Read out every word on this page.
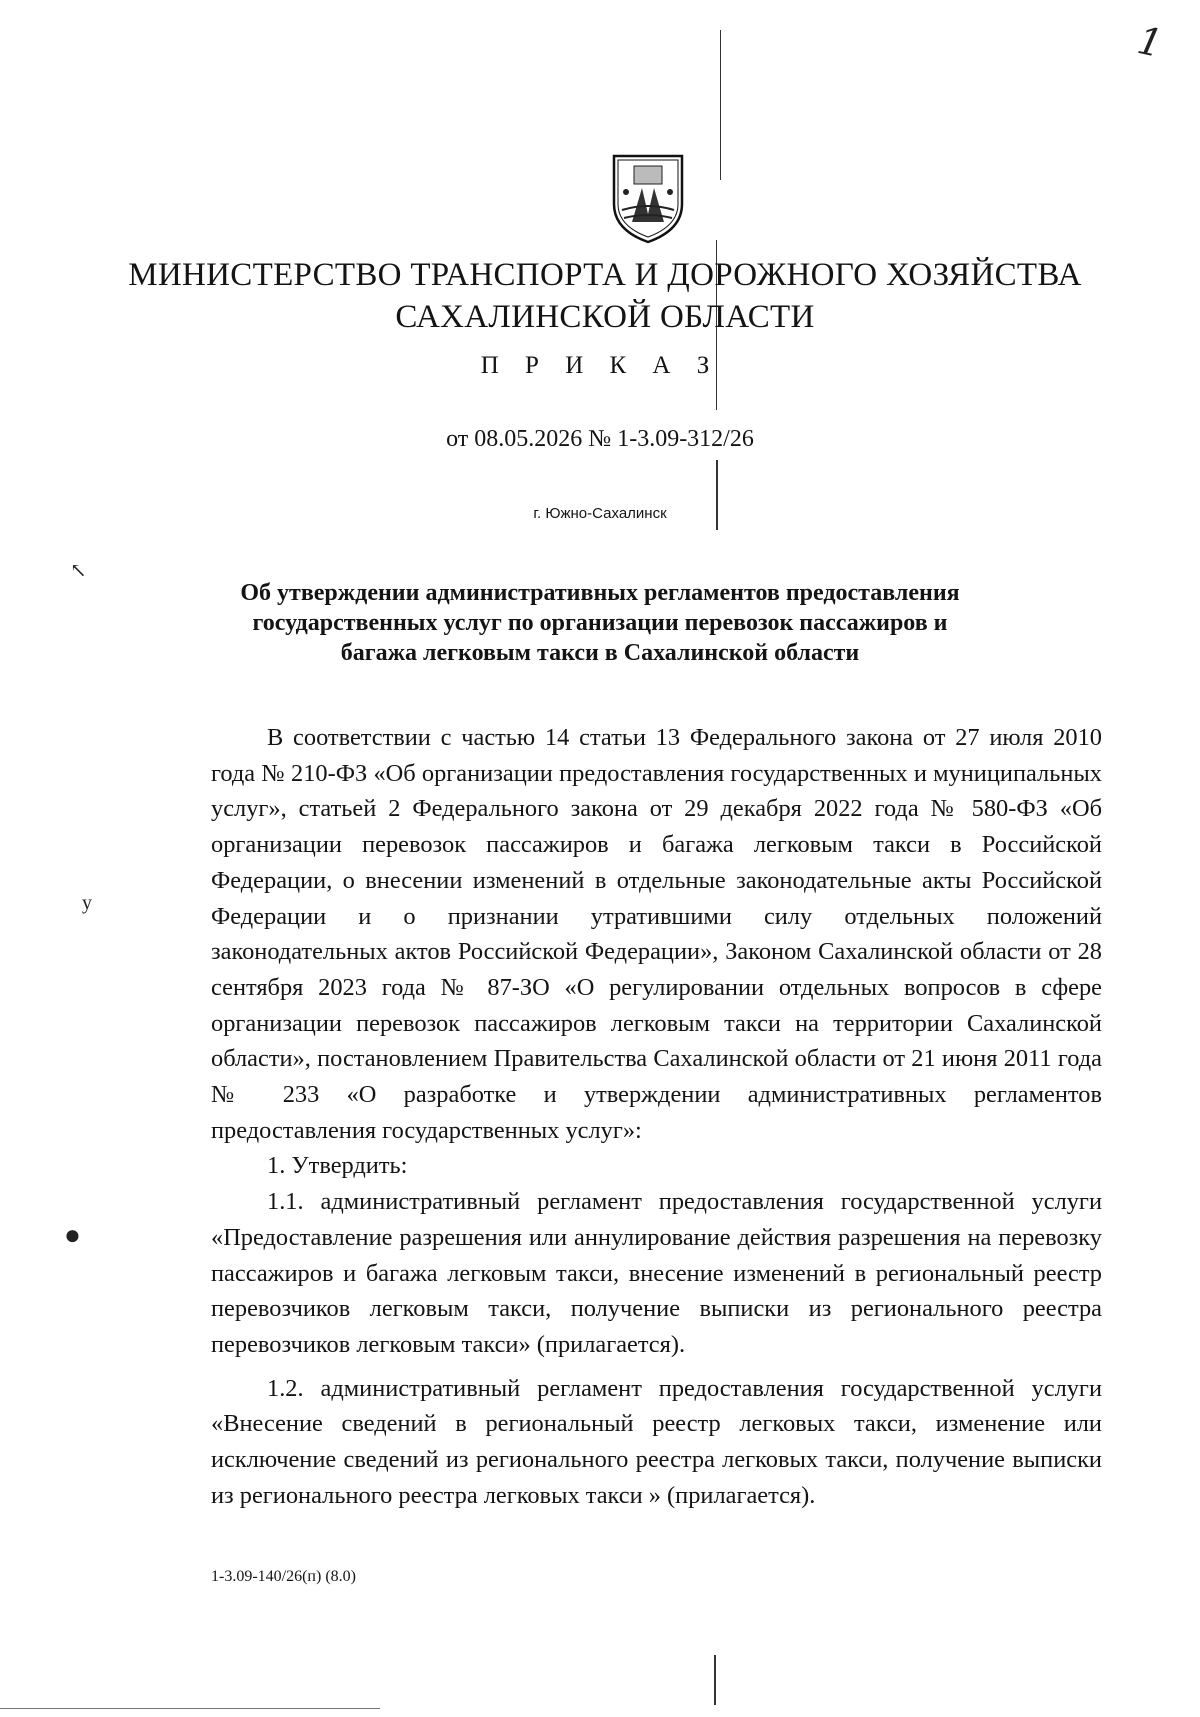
1
↖
у
●
МИНИСТЕРСТВО ТРАНСПОРТА И ДОРОЖНОГО ХОЗЯЙСТВА
САХАЛИНСКОЙ ОБЛАСТИ
П Р И К А З
от 08.05.2026 № 1-3.09-312/26
г. Южно-Сахалинск
Об утверждении административных регламентов предоставления
государственных услуг по организации перевозок пассажиров и
багажа легковым такси в Сахалинской области

В соответствии с частью 14 статьи 13 Федерального закона от 27 июля 2010 года № 210-ФЗ «Об организации предоставления государственных и муниципальных услуг», статьей 2 Федерального закона от 29 декабря 2022 года № 580-ФЗ «Об организации перевозок пассажиров и багажа легковым такси в Российской Федерации, о внесении изменений в отдельные законодательные акты Российской Федерации и о признании утратившими силу отдельных положений законодательных актов Российской Федерации», Законом Сахалинской области от 28 сентября 2023 года № 87-ЗО «О регулировании отдельных вопросов в сфере организации перевозок пассажиров легковым такси на территории Сахалинской области», постановлением Правительства Сахалинской области от 21 июня 2011 года № 233 «О разработке и утверждении административных регламентов предоставления государственных услуг»:

1. Утвердить:

1.1. административный регламент предоставления государственной услуги «Предоставление разрешения или аннулирование действия разрешения на перевозку пассажиров и багажа легковым такси, внесение изменений в региональный реестр перевозчиков легковым такси, получение выписки из регионального реестра перевозчиков легковым такси» (прилагается).

1.2. административный регламент предоставления государственной услуги «Внесение сведений в региональный реестр легковых такси, изменение или исключение сведений из регионального реестра легковых такси, получение выписки из регионального реестра легковых такси » (прилагается).

1-3.09-140/26(п) (8.0)
